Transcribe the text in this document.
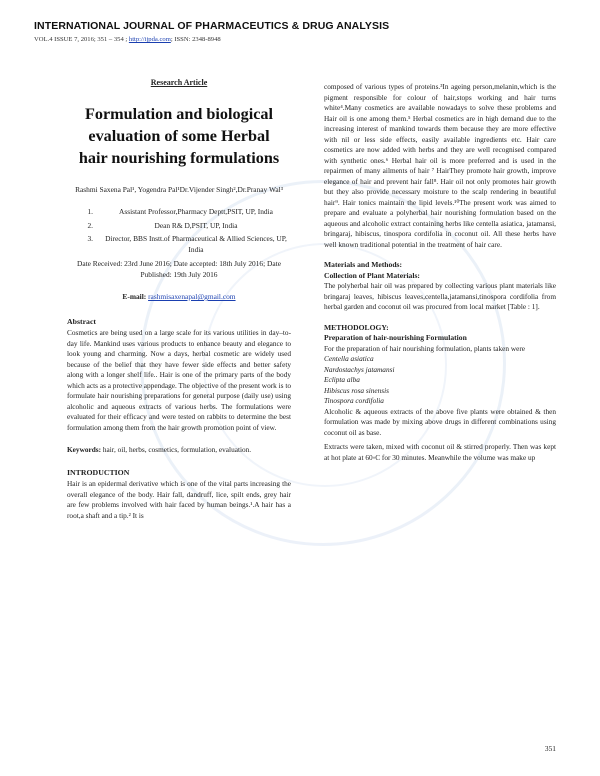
INTERNATIONAL JOURNAL OF PHARMACEUTICS & DRUG ANALYSIS
VOL.4 ISSUE 7, 2016; 351 – 354 ; http://ijpda.com; ISSN: 2348-8948
Research Article
Formulation and biological evaluation of some Herbal hair nourishing formulations
Rashmi Saxena Pal¹, Yogendra Pal¹Dr.Vijender Singh²,Dr.Pranay Wal³
1.	Assistant Professor,Pharmacy Deptt,PSIT, UP, India
2.	Dean R& D,PSIT, UP, India
3.	Director, BBS Instt.of Pharmaceutical & Allied Sciences, UP, India
Date Received: 23rd June 2016; Date accepted: 18th July 2016; Date Published: 19th July 2016
E-mail: rashmisaxenapal@gmail.com
Abstract
Cosmetics are being used on a large scale for its various utilities in day–to-day life. Mankind uses various products to enhance beauty and elegance to look young and charming. Now a days, herbal cosmetic are widely used because of the belief that they have fewer side effects and better safety along with a longer shelf life.. Hair is one of the primary parts of the body which acts as a protective appendage. The objective of the present work is to formulate hair nourishing preparations for general purpose (daily use) using alcoholic and aqueous extracts of various herbs. The formulations were evaluated for their efficacy and were tested on rabbits to determine the best formulation among them from the hair growth promotion point of view.
Keywords: hair, oil, herbs, cosmetics, formulation, evaluation.
INTRODUCTION
Hair is an epidermal derivative which is one of the vital parts increasing the overall elegance of the body. Hair fall, dandruff, lice, spilt ends, grey hair are few problems involved with hair faced by human beings.¹.A hair has a root,a shaft and a tip.² It is
composed of various types of proteins.³In ageing person,melanin,which is the pigment responsible for colour of hair,stops working and hair turns white⁴.Many cosmetics are available nowadays to solve these problems and Hair oil is one among them.⁵ Herbal cosmetics are in high demand due to the increasing interest of mankind towards them because they are more effective with nil or less side effects, easily available ingredients etc. Hair care cosmetics are now added with herbs and they are well recognised compared with synthetic ones.⁶ Herbal hair oil is more preferred and is used in the repairmen of many ailments of hair ⁷ HairThey promote hair growth, improve elegance of hair and prevent hair fall⁸. Hair oil not only promotes hair growth but they also provide necessary moisture to the scalp rendering in beautiful hair⁹. Hair tonics maintain the lipid levels.¹⁰The present work was aimed to prepare and evaluate a polyherbal hair nourishing formulation based on the aqueous and alcoholic extract containing herbs like centella asiatica, jatamansi, bringaraj, hibiscus, tinospora cordifolia in coconut oil. All these herbs have well known traditional potential in the treatment of hair care.
Materials and Methods:
Collection of Plant Materials:
The polyherbal hair oil was prepared by collecting various plant materials like bringaraj leaves, hibiscus leaves,centella,jatamansi,tinospora cordifolia from herbal garden and coconut oil was procured from local market [Table : 1].
METHODOLOGY:
Preparation of hair-nourishing Formulation
For the preparation of hair nourishing formulation, plants taken were
Centella asiatica
Nardostachys jatamansi
Eclipta alba
Hibiscus rosa sinensis
Tinospora cordifolia
Alcoholic & aqueous extracts of the above five plants were obtained & then formulation was made by mixing above drugs in different combinations using coconut oil as base.
Extracts were taken, mixed with coconut oil & stirred properly. Then was kept at hot plate at 60◦C for 30 minutes. Meanwhile the volume was make up
351
